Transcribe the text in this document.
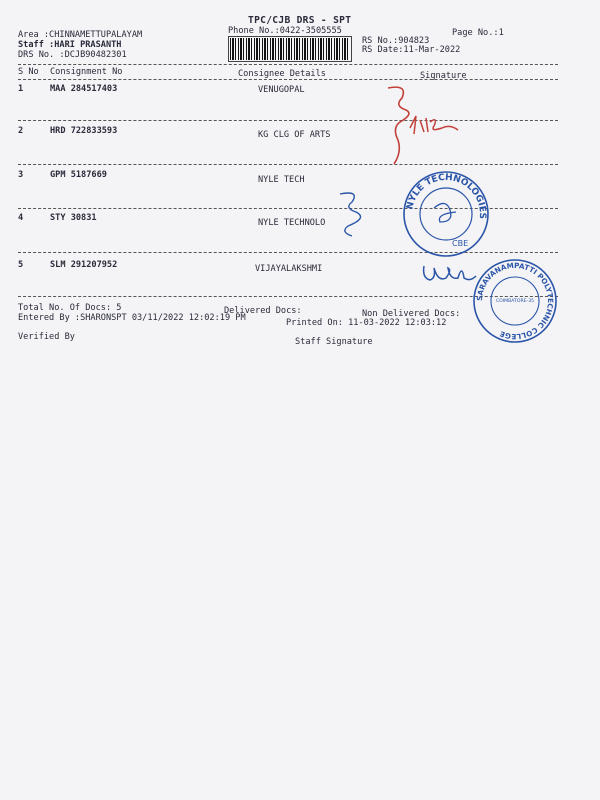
Area :CHINNAMETTUPALAYAM
Staff :HARI PRASANTH
DRS No. :DCJB90482301
TPC/CJB DRS - SPT
Phone No.:0422-3505555	Page No.:1
RS No.:904823
RS Date:11-Mar-2022
S No Consignment No	Consignee Details	Signature
1	MAA 284517403	VENUGOPAL
2	HRD 722833593	KG CLG OF ARTS
3	GPM 5187669	NYLE TECH
4	STY 30831	NYLE TECHNOLO
5	SLM 291207952	VIJAYALAKSHMI
Total No. Of Docs: 5	Delivered Docs:	Non Delivered Docs:
Entered By :SHARONSPT 03/11/2022 12:02:19 PM	Printed On: 11-03-2022 12:03:12
Verified By	Staff Signature
NYLE TECHNOLOGIES
CBE
SARAVANAMPATTI POLYTECHNIC COLLEGE
COIMBATORE-35
